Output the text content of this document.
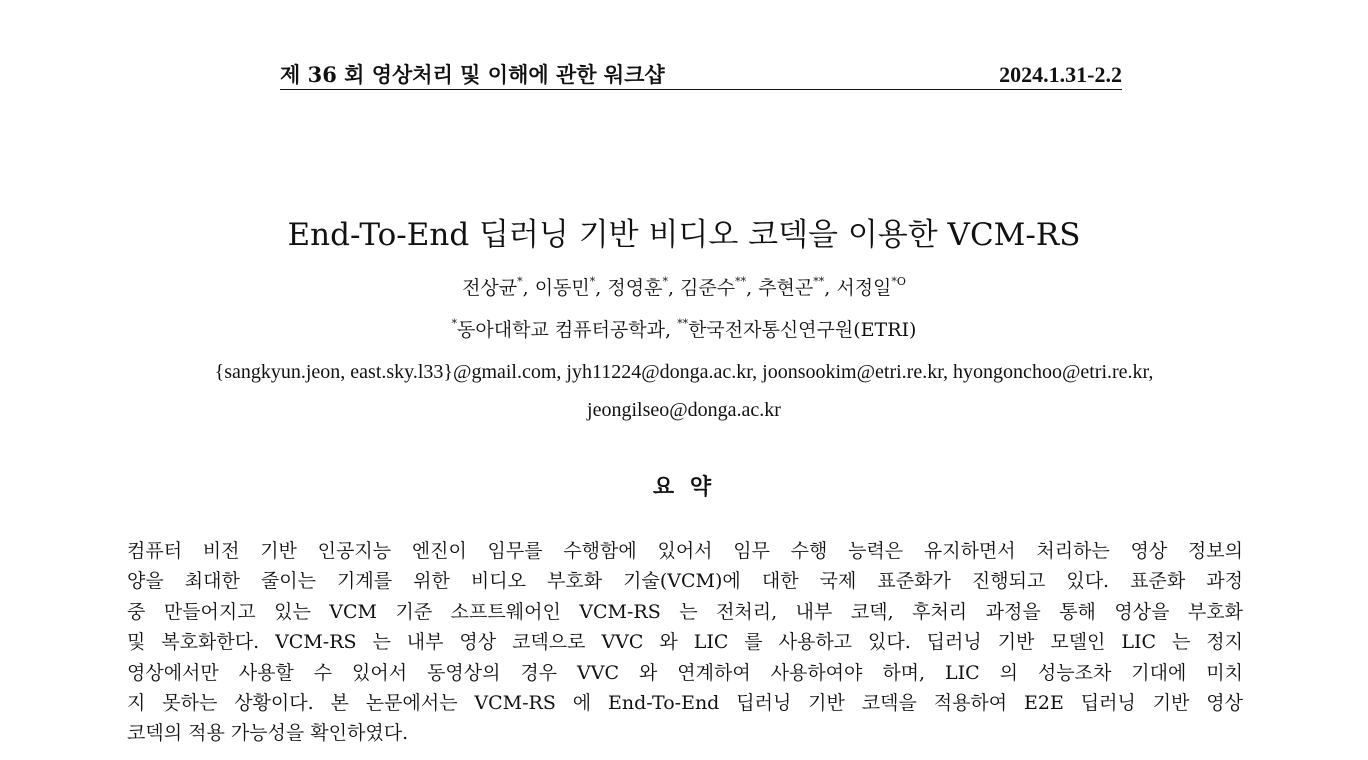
제 36 회 영상처리 및 이해에 관한 워크샵	2024.1.31-2.2
End-To-End 딥러닝 기반 비디오 코덱을 이용한 VCM-RS
전상균*, 이동민*, 정영훈*, 김준수**, 추현곤**, 서정일$^{*O}$
*동아대학교 컴퓨터공학과, **한국전자통신연구원(ETRI)
{sangkyun.jeon, east.sky.l33}@gmail.com, jyh11224@donga.ac.kr, joonsookim@etri.re.kr, hyongonchoo@etri.re.kr,
jeongilseo@donga.ac.kr
요 약
컴퓨터 비전 기반 인공지능 엔진이 임무를 수행함에 있어서 임무 수행 능력은 유지하면서 처리하는 영상 정보의
양을 최대한 줄이는 기계를 위한 비디오 부호화 기술(VCM)에 대한 국제 표준화가 진행되고 있다. 표준화 과정
중 만들어지고 있는 VCM 기준 소프트웨어인 VCM-RS 는 전처리, 내부 코덱, 후처리 과정을 통해 영상을 부호화
및 복호화한다. VCM-RS 는 내부 영상 코덱으로 VVC 와 LIC 를 사용하고 있다. 딥러닝 기반 모델인 LIC 는 정지
영상에서만 사용할 수 있어서 동영상의 경우 VVC 와 연계하여 사용하여야 하며, LIC 의 성능조차 기대에 미치
지 못하는 상황이다. 본 논문에서는 VCM-RS 에 End-To-End 딥러닝 기반 코덱을 적용하여 E2E 딥러닝 기반 영상
코덱의 적용 가능성을 확인하였다.
